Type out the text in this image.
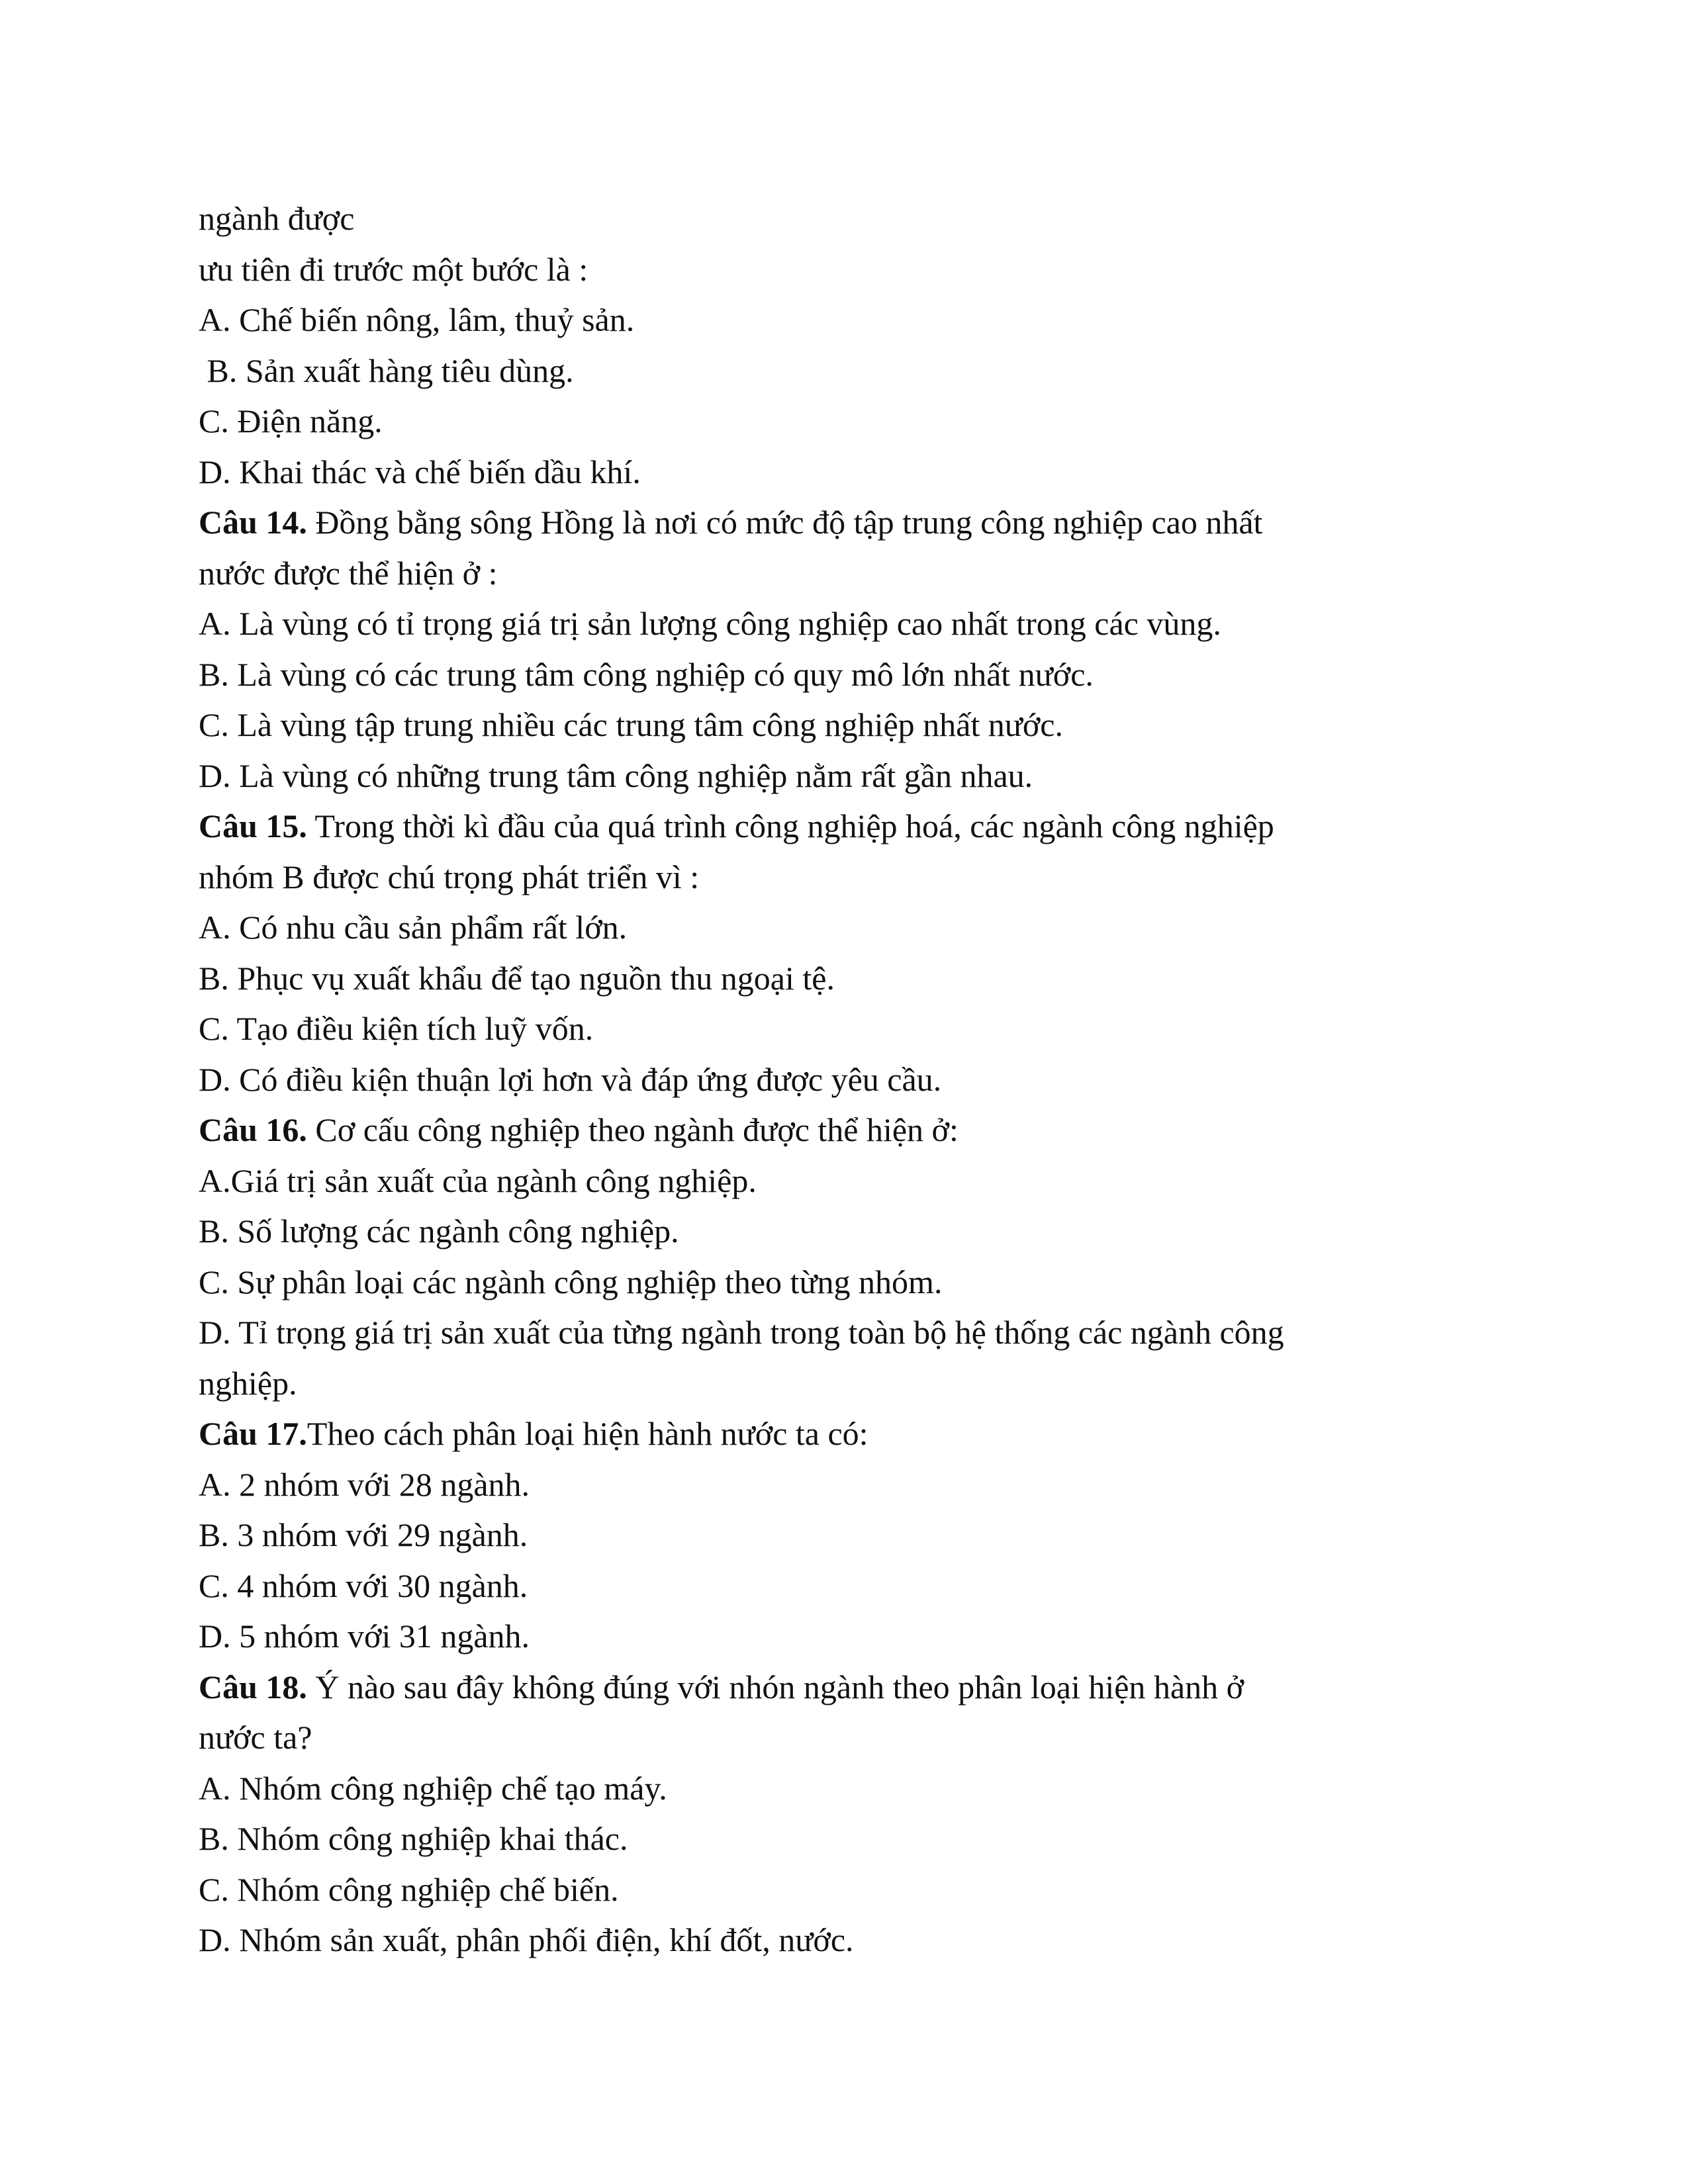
ngành được
ưu tiên đi trước một bước là :
A. Chế biến nông, lâm, thuỷ sản.
B. Sản xuất hàng tiêu dùng.
C. Điện năng.
D. Khai thác và chế biến dầu khí.
Câu 14. Đồng bằng sông Hồng là nơi có mức độ tập trung công nghiệp cao nhất
nước được thể hiện ở :
A. Là vùng có tỉ trọng giá trị sản lượng công nghiệp cao nhất trong các vùng.
B. Là vùng có các trung tâm công nghiệp có quy mô lớn nhất nước.
C. Là vùng tập trung nhiều các trung tâm công nghiệp nhất nước.
D. Là vùng có những trung tâm công nghiệp nằm rất gần nhau.
Câu 15. Trong thời kì đầu của quá trình công nghiệp hoá, các ngành công nghiệp
nhóm B được chú trọng phát triển vì :
A. Có nhu cầu sản phẩm rất lớn.
B. Phục vụ xuất khẩu để tạo nguồn thu ngoại tệ.
C. Tạo điều kiện tích luỹ vốn.
D. Có điều kiện thuận lợi hơn và đáp ứng được yêu cầu.
Câu 16. Cơ cấu công nghiệp theo ngành được thể hiện ở:
A.Giá trị sản xuất của ngành công nghiệp.
B. Số lượng các ngành công nghiệp.
C. Sự phân loại các ngành công nghiệp theo từng nhóm.
D. Tỉ trọng giá trị sản xuất của từng ngành trong toàn bộ hệ thống các ngành công
nghiệp.
Câu 17.Theo cách phân loại hiện hành nước ta có:
A. 2 nhóm với 28 ngành.
B. 3 nhóm với 29 ngành.
C. 4 nhóm với 30 ngành.
D. 5 nhóm với 31 ngành.
Câu 18. Ý nào sau đây không đúng với nhón ngành theo phân loại hiện hành ở
nước ta?
A. Nhóm công nghiệp chế tạo máy.
B. Nhóm công nghiệp khai thác.
C. Nhóm công nghiệp chế biến.
D. Nhóm sản xuất, phân phối điện, khí đốt, nước.
